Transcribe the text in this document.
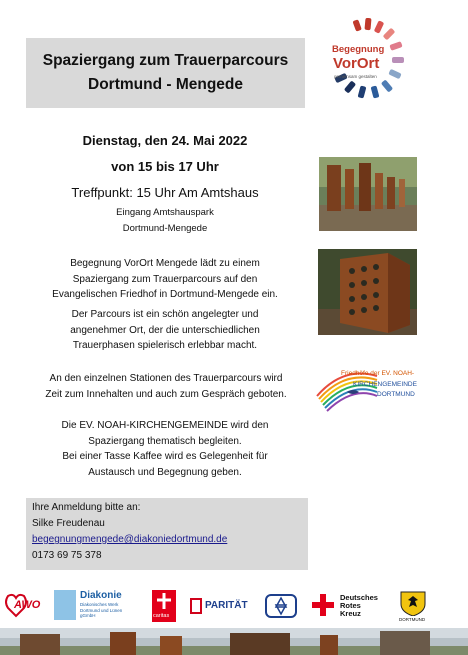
Spaziergang zum Trauerparcours
Dortmund - Mengede
Begegnung
VorOrt
gemeinsam gestalten
Dienstag, den 24. Mai 2022
von 15 bis 17 Uhr
Treffpunkt: 15 Uhr Am Amtshaus
Eingang Amtshauspark
Dortmund-Mengede
Begegnung VorOrt Mengede lädt zu einem
Spaziergang zum Trauerparcours auf den
Evangelischen Friedhof in Dortmund-Mengede ein.
Der Parcours ist ein schön angelegter und
angenehmer Ort, der die unterschiedlichen
Trauerphasen spielerisch erlebbar macht.
An den einzelnen Stationen des Trauerparcours wird
Zeit zum Innehalten und auch zum Gespräch geboten.
Die EV. NOAH-KIRCHENGEMEINDE wird den
Spaziergang thematisch begleiten.
Bei einer Tasse Kaffee wird es Gelegenheit für
Austausch und Begegnung geben.
Friedhöfe der EV. NOAH-
KIRCHENGEMEINDE
DORTMUND
Ihre Anmeldung bitte an:
Silke Freudenau
begegnungmengede@diakoniedortmund.de
0173 69 75 378
AWO
Diakonie
Diakonisches Werk Dortmund und Lünen gGmbH	caritas
PARITÄT
Deutsches
Rotes
Kreuz
DORTMUND
